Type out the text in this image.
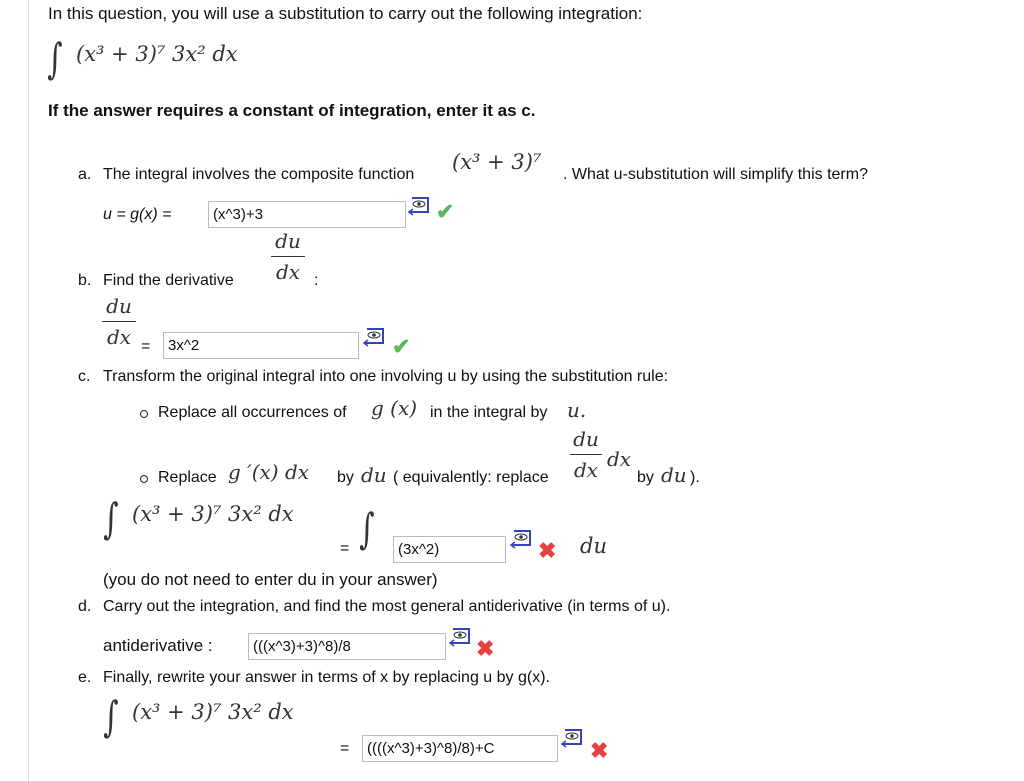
In this question, you will use a substitution to carry out the following integration:
∫ (x³ + 3)⁷ 3x² dx
If the answer requires a constant of integration, enter it as c.
a. The integral involves the composite function
(x³ + 3)⁷
. What u-substitution will simplify this term?
u = g(x) =	(x^3)+3	✔
du
dx
b. Find the derivative	:
du
dx =	3x^2	✔
c. Transform the original integral into one involving u by using the substitution rule:
Replace all occurrences of g (x) in the integral by u.
Replace g ′(x) dx by du ( equivalently: replace
du
dx dx
by du ).
∫ (x³ + 3)⁷ 3x² dx
= ∫	(3x^2)	✖ du
(you do not need to enter du in your answer)
d. Carry out the integration, and find the most general antiderivative (in terms of u).
antiderivative :	(((x^3)+3)^8)/8	✖
e. Finally, rewrite your answer in terms of x by replacing u by g(x).
∫ (x³ + 3)⁷ 3x² dx
=	((((x^3)+3)^8)/8)+C	✖
